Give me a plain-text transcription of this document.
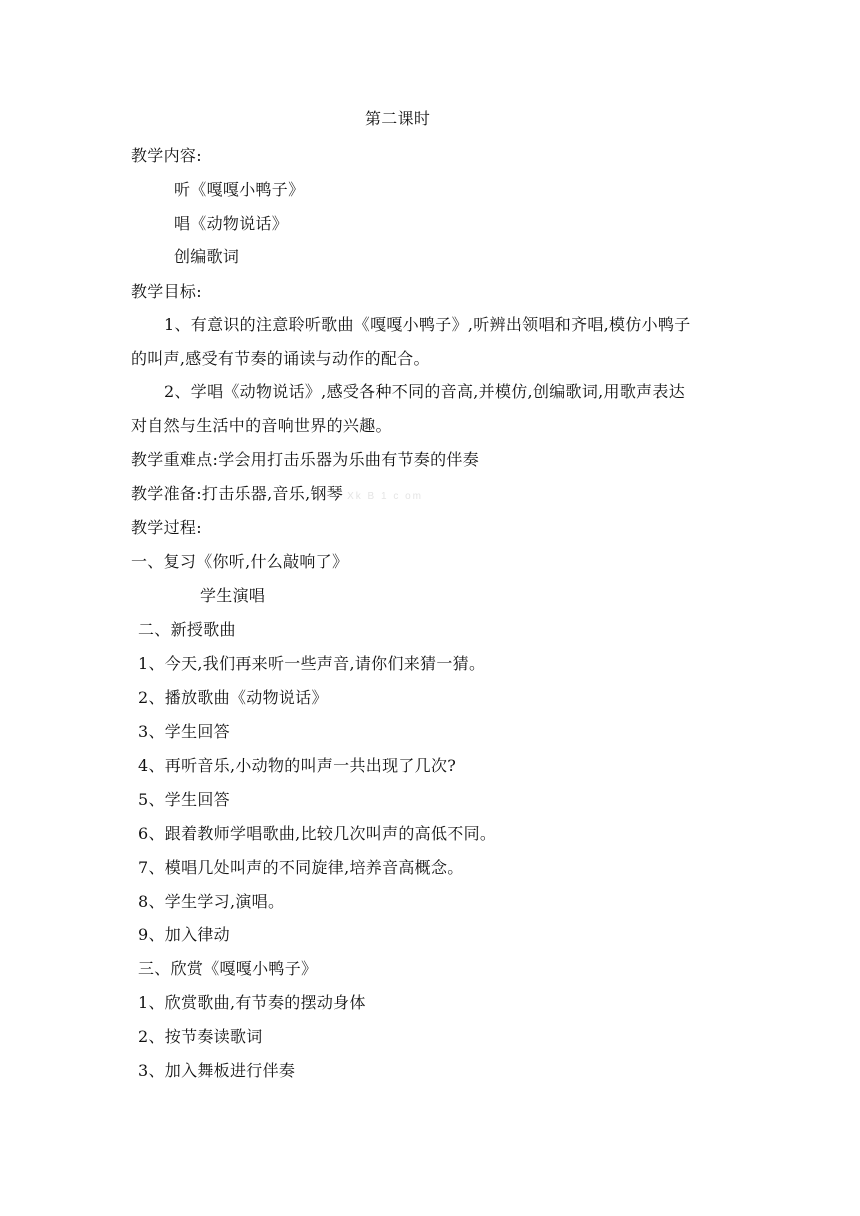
第二课时
教学内容:
听《嘎嘎小鸭子》
唱《动物说话》
创编歌词
教学目标:
1、有意识的注意聆听歌曲《嘎嘎小鸭子》,听辨出领唱和齐唱,模仿小鸭子
的叫声,感受有节奏的诵读与动作的配合。
2、学唱《动物说话》,感受各种不同的音高,并模仿,创编歌词,用歌声表达
对自然与生活中的音响世界的兴趣。
教学重难点:学会用打击乐器为乐曲有节奏的伴奏
教学准备:打击乐器,音乐,钢琴 Xk B 1 c om
教学过程:
一、复习《你听,什么敲响了》
学生演唱
二、新授歌曲
1、今天,我们再来听一些声音,请你们来猜一猜。
2、播放歌曲《动物说话》
3、学生回答
4、再听音乐,小动物的叫声一共出现了几次?
5、学生回答
6、跟着教师学唱歌曲,比较几次叫声的高低不同。
7、模唱几处叫声的不同旋律,培养音高概念。
8、学生学习,演唱。
9、加入律动
三、欣赏《嘎嘎小鸭子》
1、欣赏歌曲,有节奏的摆动身体
2、按节奏读歌词
3、加入舞板进行伴奏
